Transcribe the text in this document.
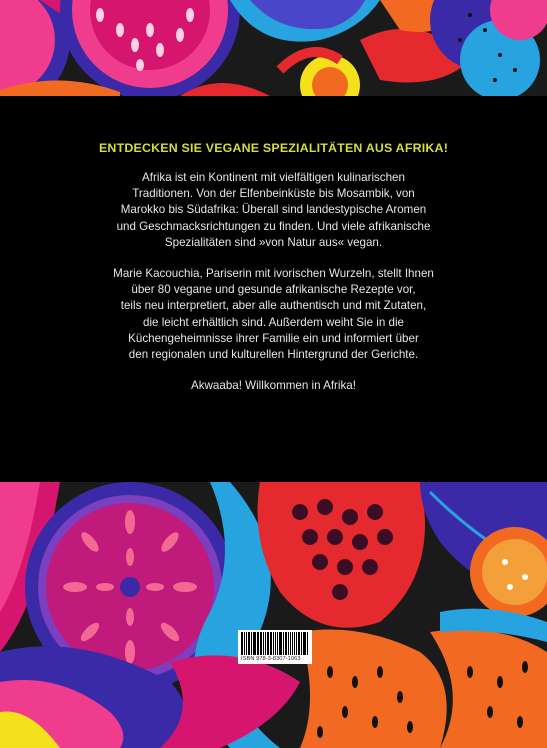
ENTDECKEN SIE VEGANE SPEZIALITÄTEN AUS AFRIKA!

Afrika ist ein Kontinent mit vielfältigen kulinarischen
Traditionen. Von der Elfenbeinküste bis Mosambik, von
Marokko bis Südafrika: Überall sind landestypische Aromen
und Geschmacksrichtungen zu finden. Und viele afrikanische
Spezialitäten sind »von Natur aus« vegan.

Marie Kacouchia, Pariserin mit ivorischen Wurzeln, stellt Ihnen
über 80 vegane und gesunde afrikanische Rezepte vor,
teils neu interpretiert, aber alle authentisch und mit Zutaten,
die leicht erhältlich sind. Außerdem weiht Sie in die
Küchengeheimnisse ihrer Familie ein und informiert über
den regionalen und kulturellen Hintergrund der Gerichte.

Akwaaba! Willkommen in Afrika!

ISBN 978-3-8307-1063
